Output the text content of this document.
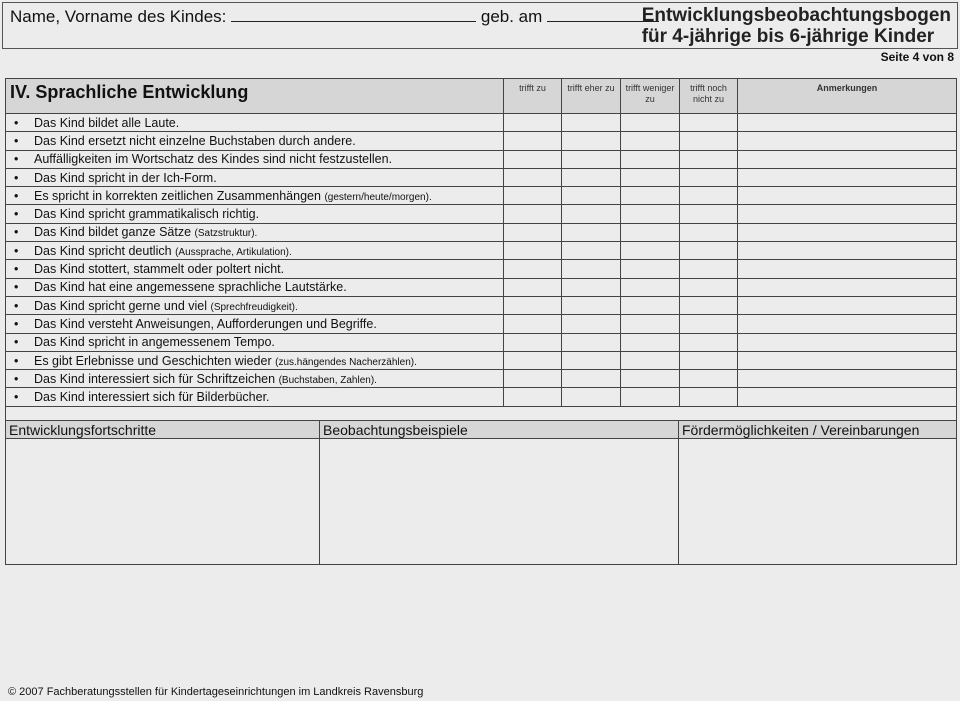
Name, Vorname des Kindes:	geb. am	Entwicklungsbeobachtungsbogen
für 4-jährige bis 6-jährige Kinder
Seite 4 von 8
IV. Sprachliche Entwicklung	trifft zu	trifft eher zu	trifft weniger zu	trifft noch nicht zu	Anmerkungen
• Das Kind bildet alle Laute.					
• Das Kind ersetzt nicht einzelne Buchstaben durch andere.					
• Auffälligkeiten im Wortschatz des Kindes sind nicht festzustellen.					
• Das Kind spricht in der Ich-Form.					
• Es spricht in korrekten zeitlichen Zusammenhängen (gestern/heute/morgen).					
• Das Kind spricht grammatikalisch richtig.					
• Das Kind bildet ganze Sätze (Satzstruktur).					
• Das Kind spricht deutlich (Aussprache, Artikulation).					
• Das Kind stottert, stammelt oder poltert nicht.					
• Das Kind hat eine angemessene sprachliche Lautstärke.					
• Das Kind spricht gerne und viel (Sprechfreudigkeit).					
• Das Kind versteht Anweisungen, Aufforderungen und Begriffe.					
• Das Kind spricht in angemessenem Tempo.					
• Es gibt Erlebnisse und Geschichten wieder (zus.hängendes Nacherzählen).					
• Das Kind interessiert sich für Schriftzeichen (Buchstaben, Zahlen).					
• Das Kind interessiert sich für Bilderbücher.					

Entwicklungsfortschritte	Beobachtungsbeispiele	Fördermöglichkeiten / Vereinbarungen

© 2007 Fachberatungsstellen für Kindertageseinrichtungen im Landkreis Ravensburg
